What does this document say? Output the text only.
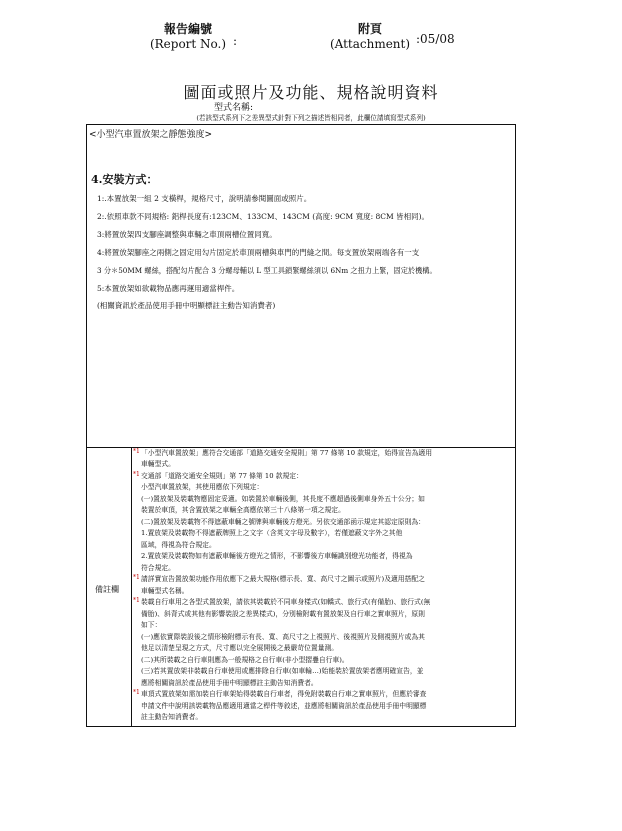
報告編號
(Report No.) :
附頁
(Attachment) :05/08
圖面或照片及功能、規格說明資料
型式名稱:
(若該型式系列下之差異型式針對下列之描述皆相同者，此欄位請填寫型式系列)
<小型汽車置放架之靜態強度>
4.安裝方式：
1:.本置放架一組 2 支橫桿，規格尺寸，說明請參閱圖面或照片。
2:.依照車款不同規格: 鋁桿長度有:123CM、133CM、143CM (高度: 9CM 寬度: 8CM 皆相同)。
3:將置放架四支腳座調整與車輛之車頂兩槽位置同寬。
4:將置放架腳座之兩側之固定用勾片固定於車頂兩槽與車門的門縫之間。每支置放架兩端各有一支
3 分＊50MM 螺絲，搭配勾片配合 3 分螺母輔以 L 型工具鎖緊螺絲須以 6Nm 之扭力上緊，固定於機構。
5:本置放架如欲載物品應再運用適當桿件。
(相關資訊於產品使用手冊中明顯標註主動告知消費者)
備註欄
*1
*1
*1
*1
*1
「小型汽車置放架」應符合交通部「道路交通安全規則」第 77 條第 10 款規定，始得宣告為適用
車輛型式。
交通部「道路交通安全規則」第 77 條第 10 款規定：
小型汽車置放架，其使用應依下列規定：
(一)置放架及裝載物應固定妥適。如裝置於車輛後側，其長度不應超過後側車身外五十公分；如
裝置於車頂，其含置放架之車輛全高應依第三十八條第一項之規定。
(二)置放架及裝載物不得遮蔽車輛之號牌與車輛後方燈光。另依交通部函示規定其認定原則為：
1.置放架及裝載物不得遮蔽牌照上之文字（含英文字母及數字），若僅遮蔽文字外之其他
區域，得視為符合規定。
2.置放架及裝載物如有遮蔽車輛後方燈光之情形，不影響後方車輛識別燈光功能者，得視為
符合規定。
請詳實宣告置放架功能作用依應下之最大規格(標示長、寬、高尺寸之圖示或照片)及適用搭配之
車輛型式名稱。
裝載自行車用之各型式置放架，請依其裝載於不同車身樣式(如轎式、旅行式(有備胎)、旅行式(無
備胎)、斜背式或其他有影響裝設之差異樣式)，分別檢附載有置放架及自行車之實車照片，原則
如下：
(一)應依實際裝設後之情形檢附標示有長、寬、高尺寸之上視照片、後視照片及側視照片或為其
他足以清楚呈現之方式，尺寸應以完全展開後之最嚴苛位置量測。
(二)其所裝載之自行車則應為一般規格之自行車(非小型摺疊自行車)。
(三)若其置放架非裝載自行車使用或應排除自行車(如車輪…)始能裝於置放架者應明確宣告，並
應將相關資訊於產品使用手冊中明顯標註主動告知消費者。
車頂式置放架如需加裝自行車架始得裝載自行車者，得免附裝載自行車之實車照片，但應於審查
申請文件中說明該裝載物品應適用適當之桿件等敘述，並應將相關資訊於產品使用手冊中明顯標
註主動告知消費者。
